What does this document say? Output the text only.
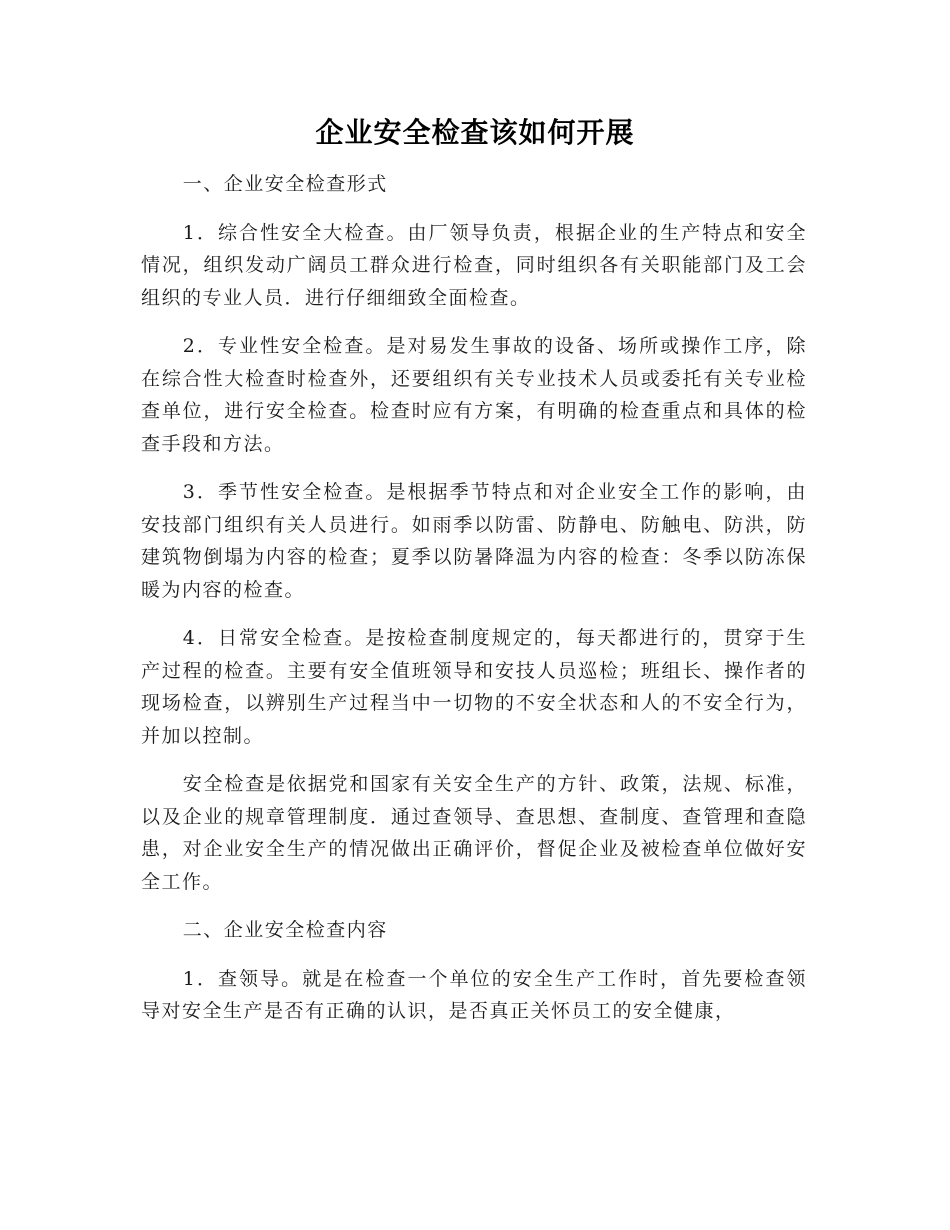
企业安全检查该如何开展

一、企业安全检查形式

1．综合性安全大检查。由厂领导负责，根据企业的生产特点和安全情况，组织发动广阔员工群众进行检查，同时组织各有关职能部门及工会组织的专业人员．进行仔细细致全面检查。

2．专业性安全检查。是对易发生事故的设备、场所或操作工序，除在综合性大检查时检查外，还要组织有关专业技术人员或委托有关专业检查单位，进行安全检查。检查时应有方案，有明确的检查重点和具体的检查手段和方法。

3．季节性安全检查。是根据季节特点和对企业安全工作的影响，由安技部门组织有关人员进行。如雨季以防雷、防静电、防触电、防洪，防建筑物倒塌为内容的检查；夏季以防暑降温为内容的检查：冬季以防冻保暖为内容的检查。

4．日常安全检查。是按检查制度规定的，每天都进行的，贯穿于生产过程的检查。主要有安全值班领导和安技人员巡检；班组长、操作者的现场检查，以辨别生产过程当中一切物的不安全状态和人的不安全行为，并加以控制。

安全检查是依据党和国家有关安全生产的方针、政策，法规、标准，以及企业的规章管理制度．通过查领导、查思想、查制度、查管理和查隐患，对企业安全生产的情况做出正确评价，督促企业及被检查单位做好安全工作。

二、企业安全检查内容

1．查领导。就是在检查一个单位的安全生产工作时，首先要检查领导对安全生产是否有正确的认识，是否真正关怀员工的安全健康，
